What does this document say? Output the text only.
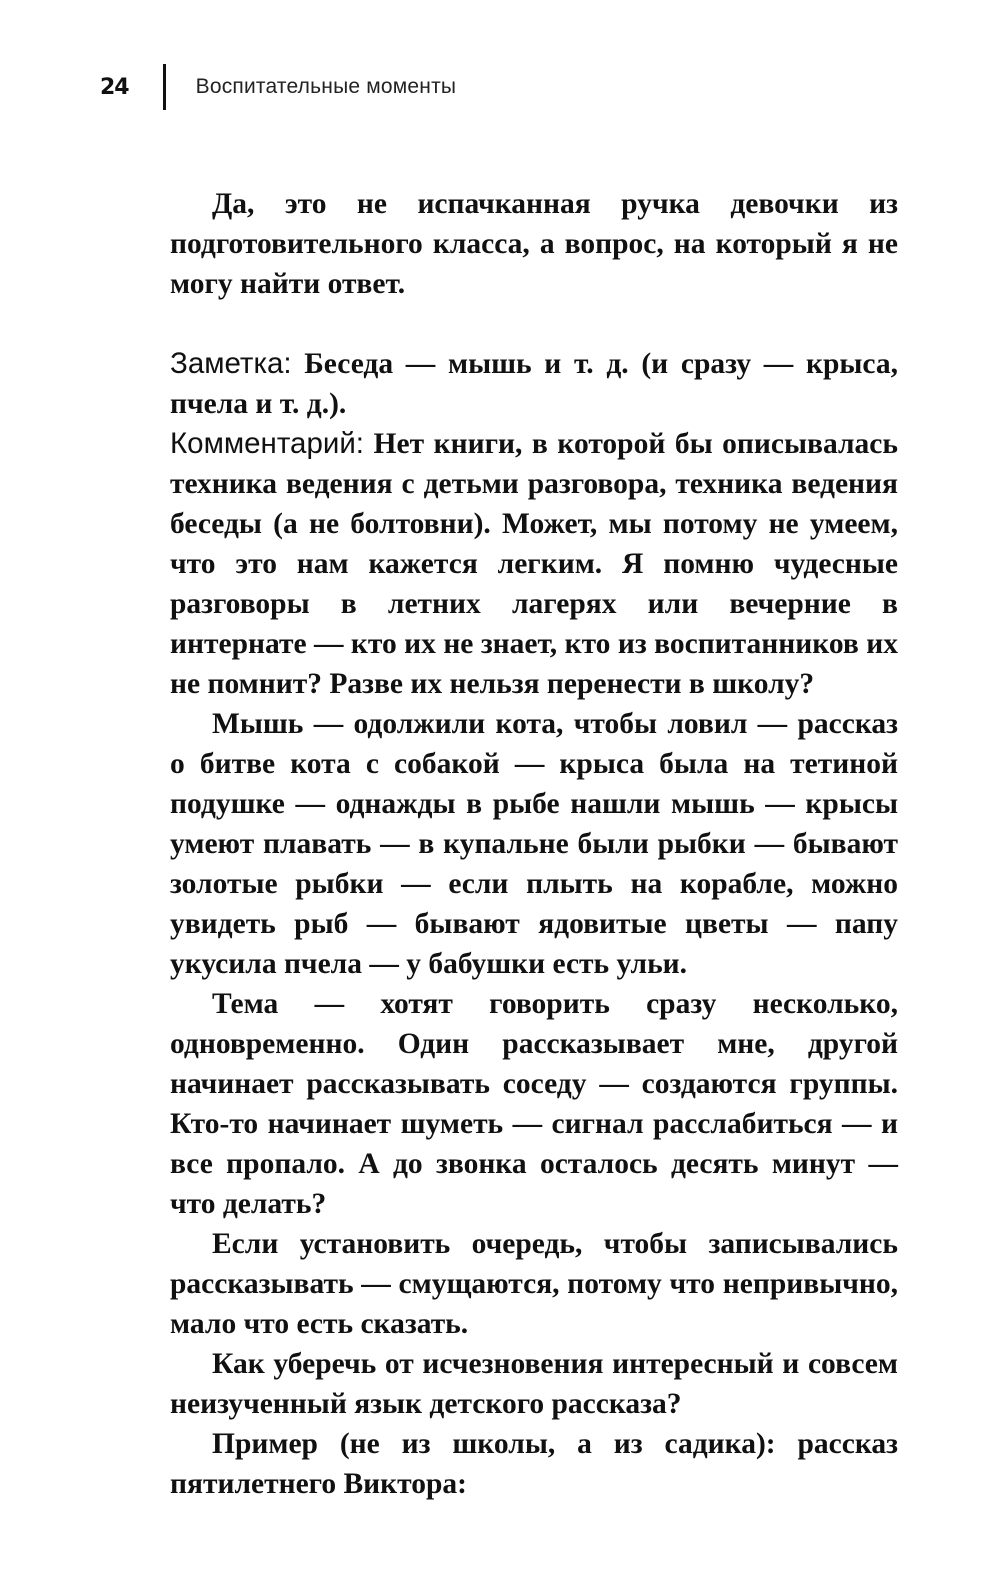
24	Воспитательные моменты

Да, это не испачканная ручка девочки из подготовительного класса, а вопрос, на который я не могу найти ответ.

Заметка: Беседа — мышь и т. д. (и сразу — крыса, пчела и т. д.).

Комментарий: Нет книги, в которой бы описывалась техника ведения с детьми разговора, техника ведения беседы (а не болтовни). Может, мы потому не умеем, что это нам кажется легким. Я помню чудесные разговоры в летних лагерях или вечерние в интернате — кто их не знает, кто из воспитанников их не помнит? Разве их нельзя перенести в школу?

Мышь — одолжили кота, чтобы ловил — рассказ о битве кота с собакой — крыса была на тетиной подушке — однажды в рыбе нашли мышь — крысы умеют плавать — в купальне были рыбки — бывают золотые рыбки — если плыть на корабле, можно увидеть рыб — бывают ядовитые цветы — папу укусила пчела — у бабушки есть ульи.

Тема — хотят говорить сразу несколько, одновременно. Один рассказывает мне, другой начинает рассказывать соседу — создаются группы. Кто-то начинает шуметь — сигнал расслабиться — и все пропало. А до звонка осталось десять минут — что делать?

Если установить очередь, чтобы записывались рассказывать — смущаются, потому что непривычно, мало что есть сказать.

Как уберечь от исчезновения интересный и совсем неизученный язык детского рассказа?

Пример (не из школы, а из садика): рассказ пятилетнего Виктора:
